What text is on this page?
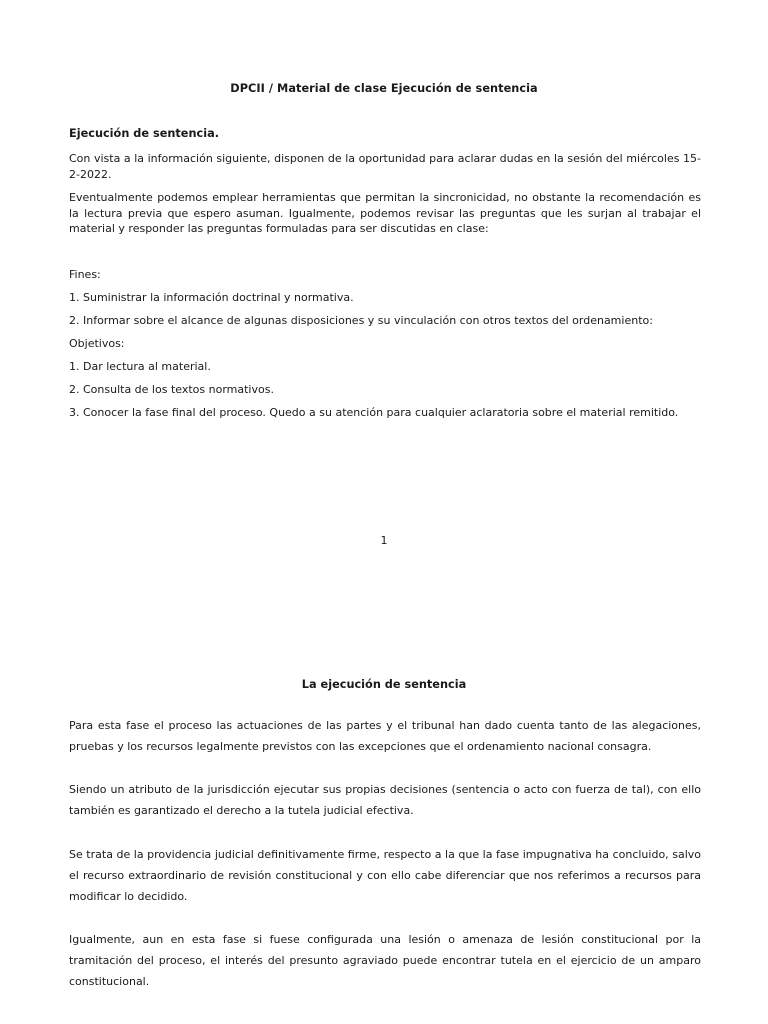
DPCII / Material de clase Ejecución de sentencia
Ejecución de sentencia.

Con vista a la información siguiente, disponen de la oportunidad para aclarar dudas en la sesión del miércoles 15-2-2022.

Eventualmente podemos emplear herramientas que permitan la sincronicidad, no obstante la recomendación es la lectura previa que espero asuman. Igualmente, podemos revisar las preguntas que les surjan al trabajar el material y responder las preguntas formuladas para ser discutidas en clase:

Fines:
1. Suministrar la información doctrinal y normativa.
2. Informar sobre el alcance de algunas disposiciones y su vinculación con otros textos del ordenamiento:
Objetivos:
1. Dar lectura al material.
2. Consulta de los textos normativos.
3. Conocer la fase final del proceso. Quedo a su atención para cualquier aclaratoria sobre el material remitido.
1
La ejecución de sentencia

Para esta fase el proceso las actuaciones de las partes y el tribunal han dado cuenta tanto de las alegaciones, pruebas y los recursos legalmente previstos con las excepciones que el ordenamiento nacional consagra.

Siendo un atributo de la jurisdicción ejecutar sus propias decisiones (sentencia o acto con fuerza de tal), con ello también es garantizado el derecho a la tutela judicial efectiva.

Se trata de la providencia judicial definitivamente firme, respecto a la que la fase impugnativa ha concluido, salvo el recurso extraordinario de revisión constitucional y con ello cabe diferenciar que nos referimos a recursos para modificar lo decidido.

Igualmente, aun en esta fase si fuese configurada una lesión o amenaza de lesión constitucional por la tramitación del proceso, el interés del presunto agraviado puede encontrar tutela en el ejercicio de un amparo constitucional.
